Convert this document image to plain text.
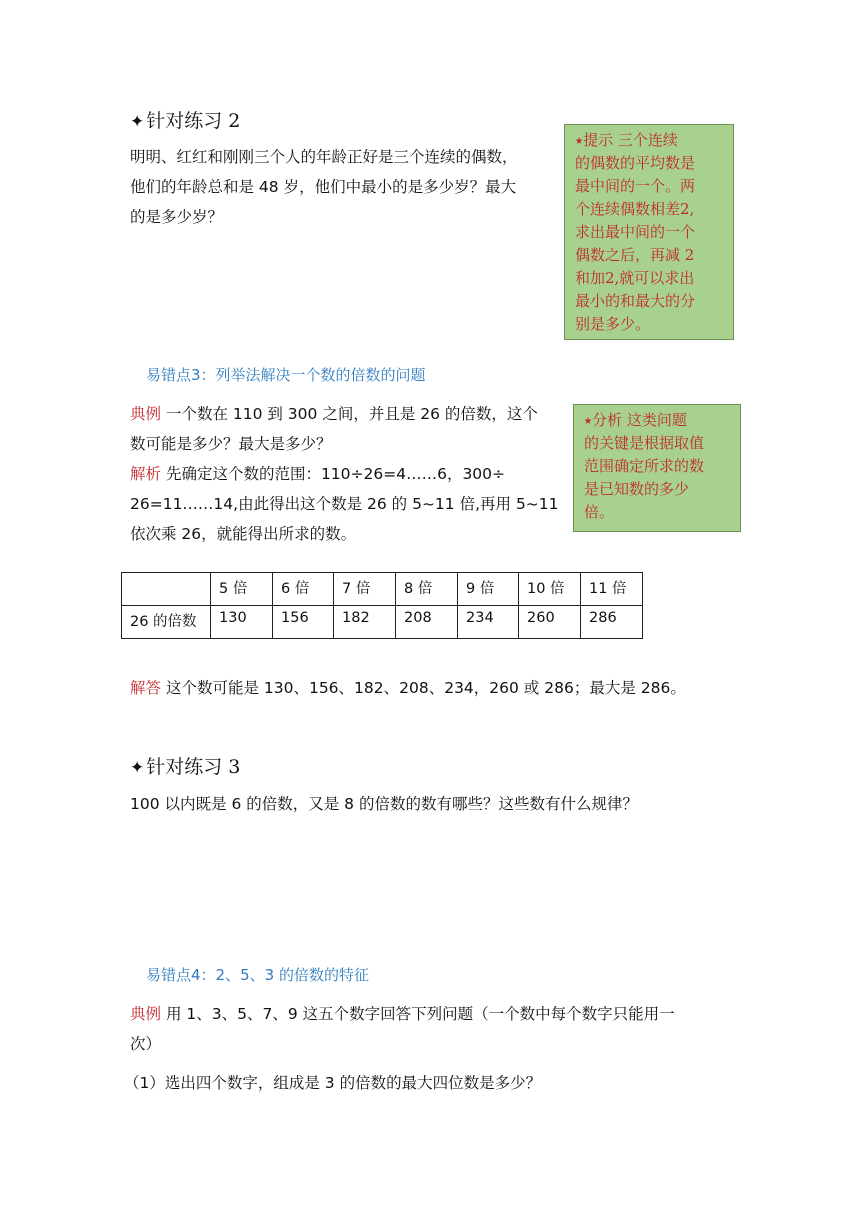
✦ 针对练习 2
明明、红红和刚刚三个人的年龄正好是三个连续的偶数，
他们的年龄总和是 48 岁，他们中最小的是多少岁？最大
的是多少岁？
⭑提示 三个连续
的偶数的平均数是
最中间的一个。两
个连续偶数相差2,
求出最中间的一个
偶数之后，再减 2
和加2,就可以求出
最小的和最大的分
别是多少。
易错点3：列举法解决一个数的倍数的问题
典例 一个数在 110 到 300 之间，并且是 26 的倍数，这个
数可能是多少？最大是多少？
解析 先确定这个数的范围：110÷26=4……6，300÷
26=11……14,由此得出这个数是 26 的 5~11 倍,再用 5~11
依次乘 26，就能得出所求的数。
⭑分析 这类问题
的关键是根据取值
范围确定所求的数
是已知数的多少
倍。
	5 倍	6 倍	7 倍	8 倍	9 倍	10 倍	11 倍
26 的倍数	130	156	182	208	234	260	286
解答 这个数可能是 130、156、182、208、234，260 或 286；最大是 286。
✦ 针对练习 3
100 以内既是 6 的倍数，又是 8 的倍数的数有哪些？这些数有什么规律？
易错点4：2、5、3 的倍数的特征
典例 用 1、3、5、7、9 这五个数字回答下列问题（一个数中每个数字只能用一
次）
（1）选出四个数字，组成是 3 的倍数的最大四位数是多少？
